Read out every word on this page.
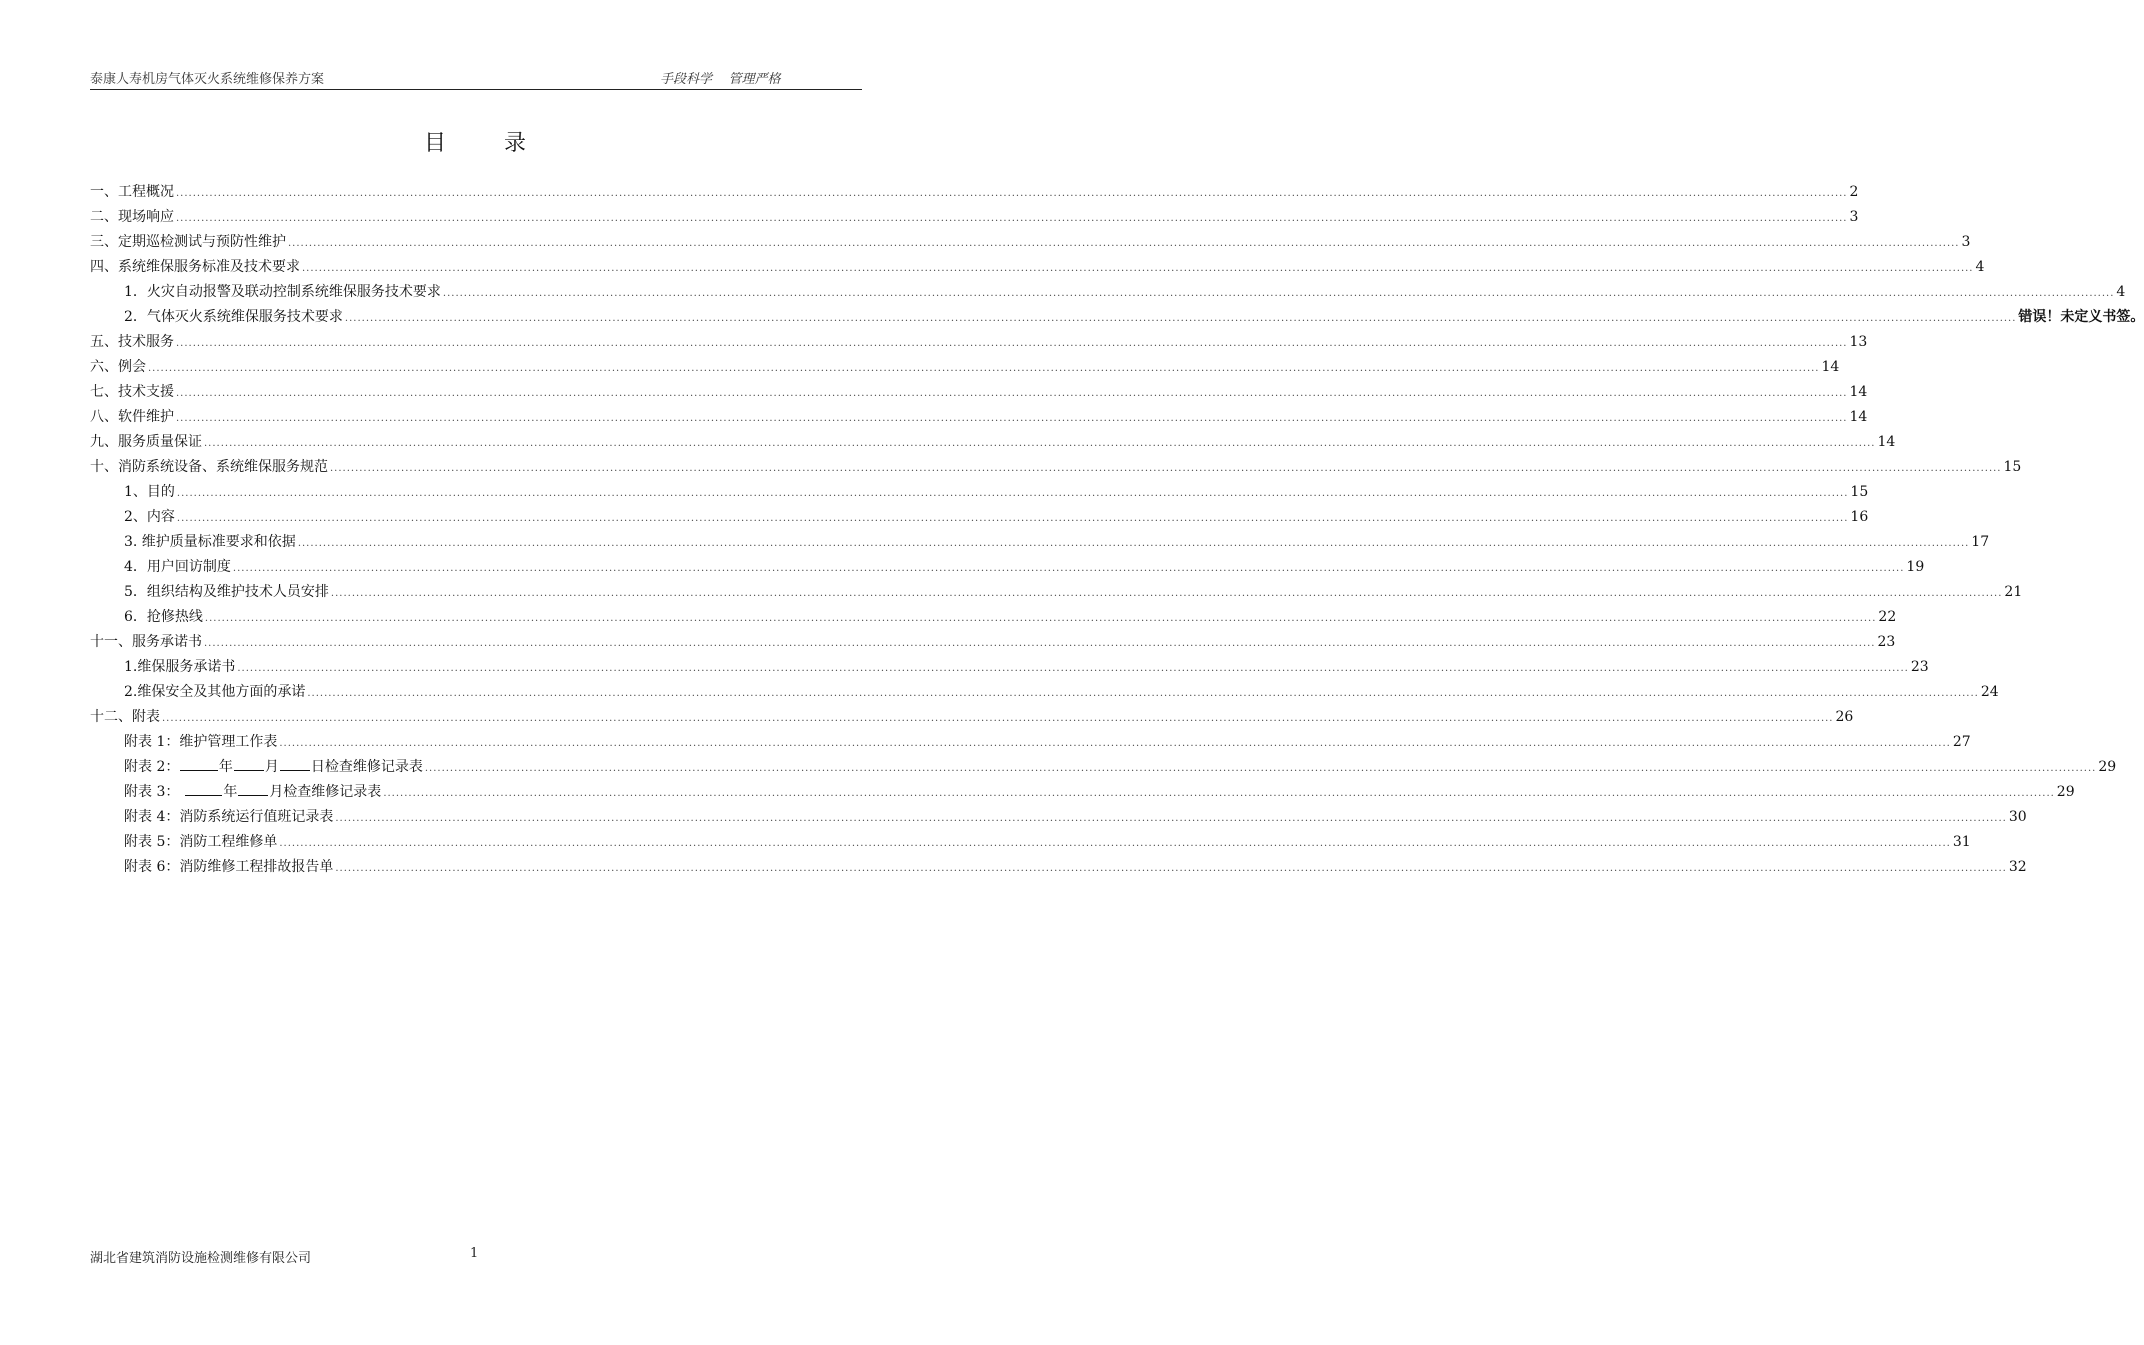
泰康人寿机房气体灭火系统维修保养方案	手段科学    管理严格
目录
一、工程概况 ................................................................................................................................................................................................................................................................................................................................................................................................................ 2
二、现场响应 ................................................................................................................................................................................................................................................................................................................................................................................................................ 3
三、定期巡检测试与预防性维护 ................................................................................................................................................................................................................................................................................................................................................................................................................ 3
四、系统维保服务标准及技术要求 ................................................................................................................................................................................................................................................................................................................................................................................................................ 4
1．火灾自动报警及联动控制系统维保服务技术要求 ................................................................................................................................................................................................................................................................................................................................................................................................................ 4
2．气体灭火系统维保服务技术要求 ................................................................................................................................................................................................................................................................................................................................................................................................................ 错误！未定义书签。
五、技术服务 ................................................................................................................................................................................................................................................................................................................................................................................................................ 13
六、例会 ................................................................................................................................................................................................................................................................................................................................................................................................................ 14
七、技术支援 ................................................................................................................................................................................................................................................................................................................................................................................................................ 14
八、软件维护 ................................................................................................................................................................................................................................................................................................................................................................................................................ 14
九、服务质量保证 ................................................................................................................................................................................................................................................................................................................................................................................................................ 14
十、消防系统设备、系统维保服务规范 ................................................................................................................................................................................................................................................................................................................................................................................................................ 15
1、目的 ................................................................................................................................................................................................................................................................................................................................................................................................................ 15
2、内容 ................................................................................................................................................................................................................................................................................................................................................................................................................ 16
3. 维护质量标准要求和依据 ................................................................................................................................................................................................................................................................................................................................................................................................................ 17
4．用户回访制度 ................................................................................................................................................................................................................................................................................................................................................................................................................ 19
5．组织结构及维护技术人员安排 ................................................................................................................................................................................................................................................................................................................................................................................................................ 21
6．抢修热线 ................................................................................................................................................................................................................................................................................................................................................................................................................ 22
十一、服务承诺书 ................................................................................................................................................................................................................................................................................................................................................................................................................ 23
1.维保服务承诺书 ................................................................................................................................................................................................................................................................................................................................................................................................................ 23
2.维保安全及其他方面的承诺 ................................................................................................................................................................................................................................................................................................................................................................................................................ 24
十二、附表 ................................................................................................................................................................................................................................................................................................................................................................................................................ 26
附表 1：维护管理工作表 ................................................................................................................................................................................................................................................................................................................................................................................................................ 27
附表 2：	年 月 日检查维修记录表 ................................................................................................................................................................................................................................................................................................................................................................................................................ 29
附表 3：	年 月检查维修记录表 ................................................................................................................................................................................................................................................................................................................................................................................................................ 29
附表 4：消防系统运行值班记录表 ................................................................................................................................................................................................................................................................................................................................................................................................................ 30
附表 5：消防工程维修单 ................................................................................................................................................................................................................................................................................................................................................................................................................ 31
附表 6：消防维修工程排故报告单 ................................................................................................................................................................................................................................................................................................................................................................................................................ 32
湖北省建筑消防设施检测维修有限公司	1
